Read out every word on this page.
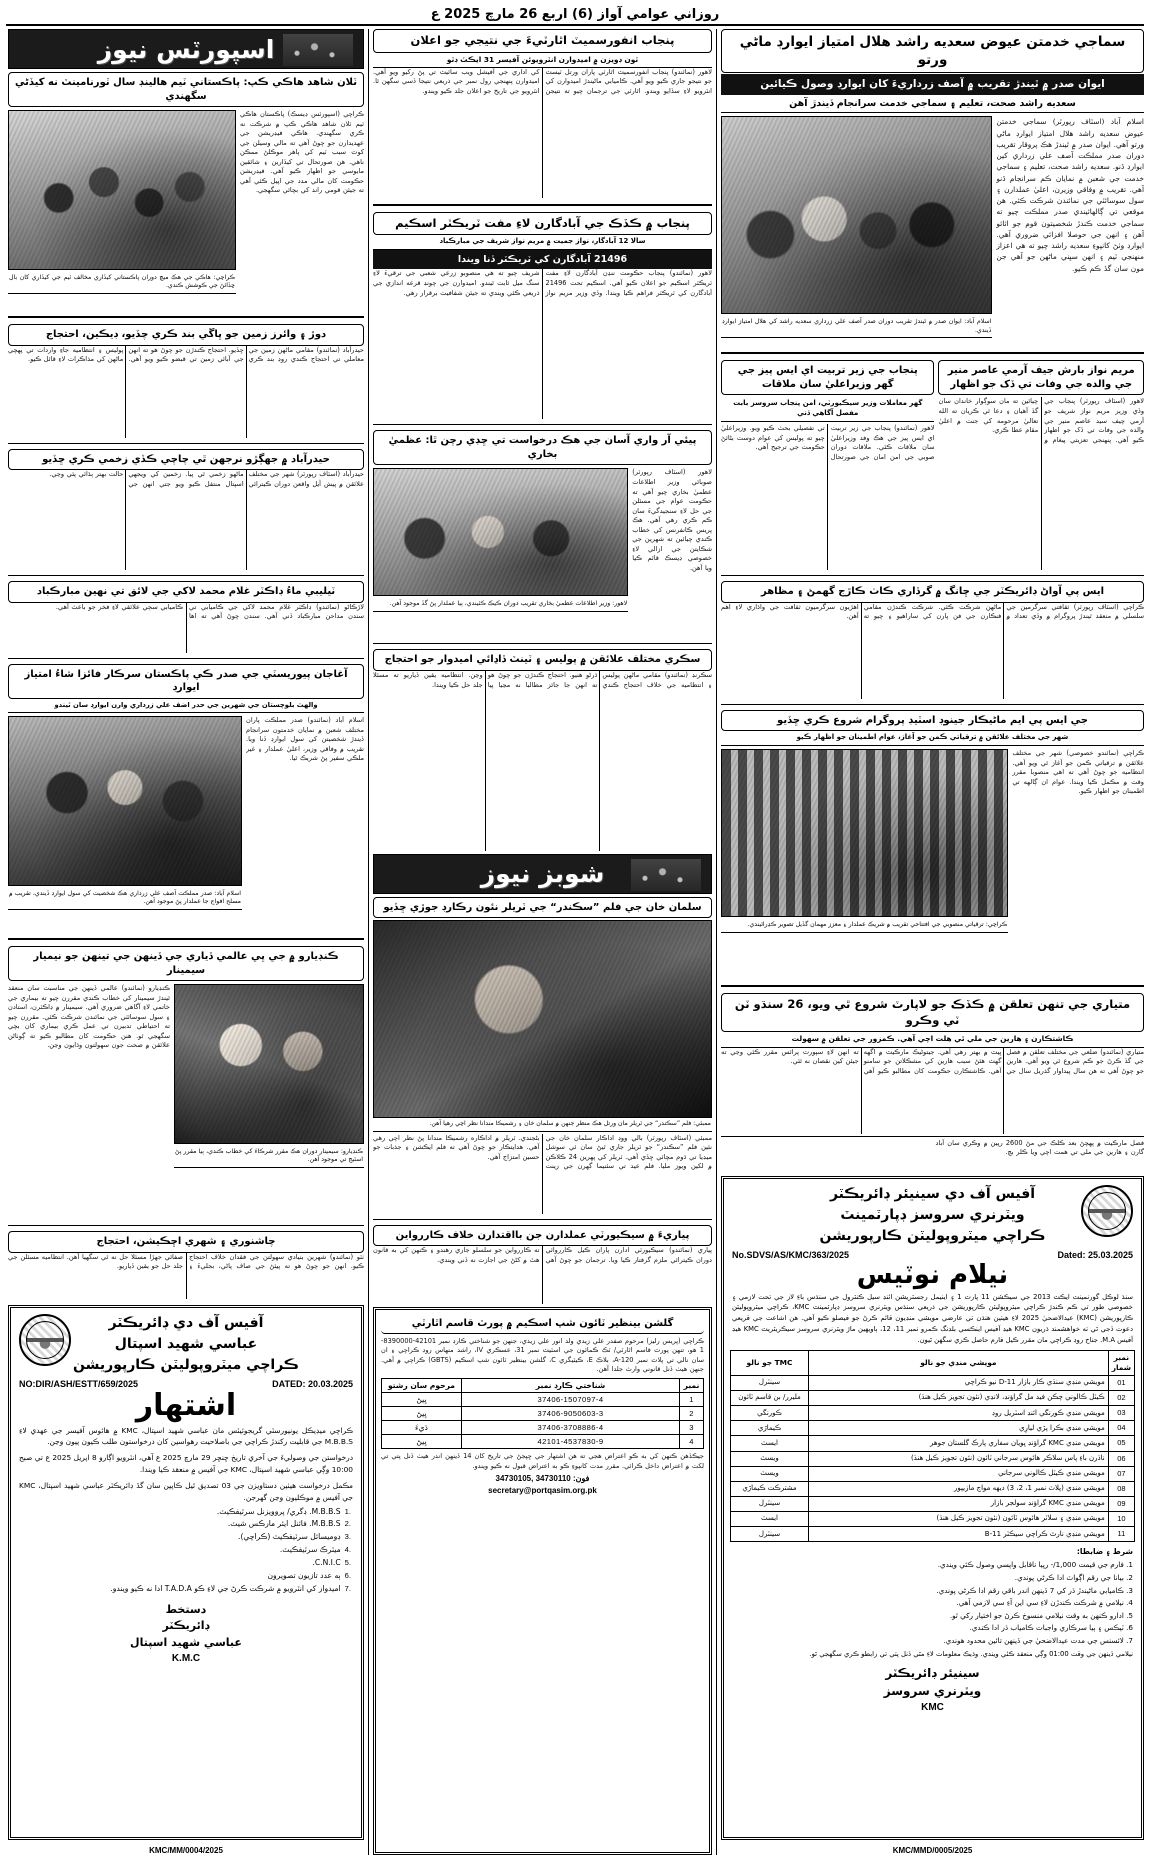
روزاني عوامي آواز (6) اربع 26 مارچ 2025 ع
سماجي خدمتن عيوض سعديه راشد هلال امتياز ايوارڊ ماڻي ورتو
ايوان صدر ۾ ٿيندڙ تقريب ۾ آصف زرداريءَ کان ايوارڊ وصول ڪيائين
سعديه راشد صحت، تعليم ۽ سماجي خدمت سرانجام ڏيندڙ آهن
اسلام آباد (اسٽاف رپورٽر) سماجي خدمتن عيوض سعديه راشد هلال امتياز ايوارڊ ماڻي ورتو آهي. ايوان صدر ۾ ٿيندڙ هڪ پروقار تقريب دوران صدر مملڪت آصف علي زرداري کين ايوارڊ ڏنو. سعديه راشد صحت، تعليم ۽ سماجي خدمت جي شعبن ۾ نمايان ڪم سرانجام ڏنو آهي. تقريب ۾ وفاقي وزيرن، اعليٰ عملدارن ۽ سول سوسائٽي جي نمائندن شرڪت ڪئي. هن موقعي تي ڳالهائيندي صدر مملڪت چيو ته سماجي خدمت ڪندڙ شخصيتون قوم جو اثاثو آهن ۽ انهن جي حوصلا افزائي ضروري آهي. ايوارڊ وٺڻ کانپوءِ سعديه راشد چيو ته هي اعزاز منهنجي ٽيم ۽ انهن سڀني ماڻهن جو آهي جن مون سان گڏ ڪم ڪيو.
اسلام آباد: ايوان صدر ۾ ٿيندڙ تقريب دوران صدر آصف علي زرداري سعديه راشد کي هلال امتياز ايوارڊ ڏيندي.
مريم نواز بارش جيف آرمي عاصر منير جي والده جي وفات تي ڏک جو اظهار
لاهور (اسٽاف رپورٽر) پنجاب جي وڏي وزير مريم نواز شريف جو آرمي چيف سيد عاصم منير جي والده جي وفات تي ڏک جو اظهار ڪيو آهي. پنهنجي تعزيتي پيغام ۾ چيائين ته مان سوڳوار خاندان سان گڏ آهيان ۽ دعا ٿي ڪريان ته الله تعاليٰ مرحومه کي جنت ۾ اعليٰ مقام عطا ڪري.
پنجاب جي زير تربيت اي ايس پيز جي گهر وزيراعليٰ سان ملاقات
گهر معاملات وزير سيڪيورٽي، امن پنجاب سروسز بابت مفصل آگاهي ڏني
لاهور (نمائندو) پنجاب جي زير تربيت اي ايس پيز جي هڪ وفد وزيراعليٰ سان ملاقات ڪئي. ملاقات دوران صوبي جي امن امان جي صورتحال تي تفصيلي بحث ڪيو ويو. وزيراعليٰ چيو ته پوليس کي عوام دوست بڻائڻ حڪومت جي ترجيح آهي.
ايس پي آواڻ ڊائريڪٽر جي ڇانگ ۾ گرڏاري ڪاٺ ڪاڙج گهمڻ ۽ مظاهر
ڪراچي (اسٽاف رپورٽر) ثقافتي سرگرمين جي سلسلي ۾ منعقد ٿيندڙ پروگرام ۾ وڏي تعداد ۾ ماڻهن شرڪت ڪئي. شرڪت ڪندڙن مقامي فنڪارن جي فن پارن کي ساراهيو ۽ چيو ته اهڙيون سرگرميون ثقافت جي واڌاري لاءِ اهم آهن.
جي ايس پي ايم ماڻيڪار جينوڊ اسٽيڊ پروگرام شروع ڪري ڇڏيو
شهر جي مختلف علائقن ۾ ترقياتي ڪمن جو آغاز، عوام اطمينان جو اظهار ڪيو
ڪراچي (نمائندو خصوصي) شهر جي مختلف علائقن ۾ ترقياتي ڪمن جو آغاز ٿي ويو آهي. انتظاميه جو چوڻ آهي ته اهي منصوبا مقرر وقت ۾ مڪمل ڪيا ويندا. عوام ان ڳالهه تي اطمينان جو اظهار ڪيو.
ڪراچي: ترقياتي منصوبي جي افتتاحي تقريب ۾ شريڪ عملدار ۽ معزز مهمان گڏيل تصوير ڪڍرائيندي.
متياري جي تنهن تعلقن ۾ ڪڏڪ جو لاپارٽ شروع ٿي ويو، 26 سنڌو ٽن ٽي وڪرو
ڪاشتڪارن ۽ هارين جي ملي ٿي هلت اچي آهي. ڪمزور جي تعلقن ۾ سهولت
متياري (نمائندو) ضلعي جي مختلف تعلقن ۾ فصل جي گڏ ڪرڻ جو ڪم شروع ٿي ويو آهي. هارين جو چوڻ آهي ته هن سال پيداوار گذريل سال جي ڀيٽ ۾ بهتر رهي آهي. جيتوڻيڪ مارڪيٽ ۾ اگهه گهٽ هئڻ سبب هارين کي مشڪلاتن جو سامنو آهي. ڪاشتڪارن حڪومت کان مطالبو ڪيو آهي ته انهن لاءِ سپورٽ پرائس مقرر ڪئي وڃي ته جيئن کين نقصان نه ٿئي.
فصل مارڪيٽ ۾ پهچڻ بعد ڪلڪ جي مڻ 2600 رپين ۾ وڪري سان آباد گارن ۽ هارين جي ملي تي همت اچي ويا ڪلر بچ.
آفيس آف دي سينيئر ڊائريڪٽر
ويٽرنري سروسز ڊپارٽمينٽ
ڪراچي ميٽروپوليٽن ڪارپوريشن
No.SDVS/AS/KMC/363/2025	Dated: 25.03.2025
نيلام نوٽيس
سنڌ لوڪل گورنمينٽ ايڪٽ 2013 جي سيڪشن 11 پارٽ 1 ۽ اينيمل رجسٽريشن ائنڊ سيل ڪنٽرول جي سنڌس باءِ لاز جي تحت لازمي ۽ خصوصي طور تي ڪم ڪندڙ ڪراچي ميٽروپوليٽن ڪارپوريشن جي ذريعي سنڌس ويٽرنري سروسز ڊپارٽمينٽ KMC، ڪراچي ميٽروپوليٽن ڪارپوريشن (KMC) عيدالاضحيٰ 2025 لاءِ هيٺين هنڌن تي عارضي مويشي منڊيون قائم ڪرڻ جو فيصلو ڪيو آهي. هن اشاعت جي قريعي دعوت ڏجي ٿي ته خواهشمند ڌريون KMC هيڊ آفيس اينڪسي بلڊنگ ڪمرو نمبر 11، 12، ٻاويهين ماڙ ويٽرنري سروسز سيڪريٽريٽ KMC هيڊ آفيس M.A. جناح روڊ ڪراچي مان مقرر ڪيل فارم حاصل ڪري سگهن ٿيون.
نمبر شمار	مويشي منڊي جو نالو	TMC جو نالو
01	مويشي منڊي سنڌي ڪار بازار D-11 نيو ڪراچي	سينٽرل
02	ڪيٽل ڪالوني چڪن فيد مل گراؤنڊ، لانڍي (نئون تجويز ڪيل هنڌ)	مليرر/ بن قاسم ٽائون
03	مويشي منڊي ڪورنگي ائنڊ اسٽريل روڊ	ڪورنگي
04	مويشي منڊي بڪرا پڙي ليارِي	ڪيماڙي
05	مويشي منڊي KMC گراؤنڊ ڀويان سفاري پارڪ گلستان جوهر	ايسٽ
06	ناڌرن باءِ پاس سلاڪر هائوس سرجاني ٽائون (نئون تجويز ڪيل هنڌ)	ويسٽ
07	مويشي منڊي ڪيٽل ڪالوني سرجاني	ويسٽ
08	مويشي منڊي (پلاٽ نمبر 1، 2، 3) ديهه مواج مازيپور	مشترڪت ڪيماڙي
09	مويشي منڊي KMC گراؤنڊ سولجر بازار	سينٽرل
10	مويشي منڊي ۽ سلاٽر هائوس ٽائون (نئون تجويز ڪيل هنڌ)	ايسٽ
11	مويشي منڊي نارٿ ڪراچي سيڪٽر 11-B	سينٽرل
شرط ۽ ضابطا:
1. فارم جي قيمت 1,000/- رپيا ناقابل واپسي وصول ڪئي ويندي.
2. بيانا جي رقم اڳواٽ ادا ڪرڻي پوندي.
3. ڪاميابي ماڻيندڙ ڌر کي 7 ڏينهن اندر باقي رقم ادا ڪرڻي پوندي.
4. نيلامي ۾ شرڪت ڪندڙن لاءِ سي اين آءِ سي لازمي آهي.
5. ادارو ڪنهن به وقت نيلامي منسوخ ڪرڻ جو اختيار رکي ٿو.
6. ٽيڪس ۽ ٻيا سرڪاري واجبات ڪامياب ڌر ادا ڪندي.
7. لائسنس جي مدت عيدالاضحيٰ جي ڏينهن تائين محدود هوندي.
نيلامي ڏينهن جي وقت 01:00 وڳي منعقد ڪئي ويندي. وڌيڪ معلومات لاءِ مٿي ڏنل پتي تي رابطو ڪري سگهجي ٿو.
سينيئر ڊائريڪٽر
ويٽرنري سروسز
KMC
KMC/MMD/0005/2025
پنجاب انفورسميٽ اٿارٽيءَ جي نتيجي جو اعلان
ٽون ڊويزن ۾ اميدوارن انٽرويوئن آفيسر 31 ايڪٽ ڊٽو
لاهور (نمائندو) پنجاب انفورسميٽ اٿارٽي پاران ورتل ٽيسٽ جو نتيجو جاري ڪيو ويو آهي. ڪاميابي ماڻيندڙ اميدوارن کي انٽرويو لاءِ سڏايو ويندو. اٿارٽي جي ترجمان چيو ته نتيجن کي اداري جي آفيشل ويب سائيٽ تي پڻ رکيو ويو آهي. اميدوارن پنهنجي رول نمبر جي ذريعي نتيجا ڏسي سگهن ٿا. انٽرويو جي تاريخ جو اعلان جلد ڪيو ويندو.
پنجاب ۾ ڪڏڪ جي آبادگارن لاءِ مفت ٽريڪٽر اسڪيم
سالا 12 آبادگار، نواز جميت ۾ مريم نواز شريف جي مبارڪباد
21496 آبادگارن کي ٽريڪٽر ڏنا ويندا
لاهور (نمائندو) پنجاب حڪومت ننڍن آبادگارن لاءِ مفت ٽريڪٽر اسڪيم جو اعلان ڪيو آهي. اسڪيم تحت 21496 آبادگارن کي ٽريڪٽر فراهم ڪيا ويندا. وڏي وزير مريم نواز شريف چيو ته هي منصوبو زرعي شعبي جي ترقيءَ لاءِ سنگ ميل ثابت ٿيندو. اميدوارن جي چونڊ قرعه اندازي جي ذريعي ڪئي ويندي ته جيئن شفافيت برقرار رهي.
پيئي آر واري آسان جي هڪ درخواست تي ڇڊي رچن ٿا: عظميٰ بخاري
لاهور (اسٽاف رپورٽر) صوبائي وزير اطلاعات عظميٰ بخاري چيو آهي ته حڪومت عوام جي مسئلن جي حل لاءِ سنجيدگيءَ سان ڪم ڪري رهي آهي. هڪ پريس ڪانفرنس کي خطاب ڪندي چيائين ته شهرين جي شڪايتن جي ازالي لاءِ خصوصي ڊيسڪ قائم ڪيا ويا آهن.
لاهور: وزير اطلاعات عظميٰ بخاري تقريب دوران ڪيڪ ڪٽيندي، ٻيا عملدار پڻ گڏ موجود آهن.
سڪري مختلف علائقن ۾ پوليس ۽ ٽينٽ ڏاڍائي اميدوار جو احتجاج
سڪرنڊ (نمائندو) مقامي ماڻهن پوليس ۽ انتظاميه جي خلاف احتجاج ڪندي ڌرڻو هنيو. احتجاج ڪندڙن جو چوڻ هو ته انهن جا جائز مطالبا نه مڃيا پيا وڃن. انتظاميه يقين ڏياريو ته مسئلا جلد حل ڪيا ويندا.
شوبز نيوز
سلمان خان جي فلم ”سڪندر“ جي ٽريلر نئون رڪارڊ جوڙي ڇڏيو
ممبئي: فلم ”سڪندر“ جي ٽريلر مان ورتل هڪ منظر جنهن ۾ سلمان خان ۽ رشميڪا مندانا نظر اچي رهيا آهن.
ممبئي (اسٽاف رپورٽر) بالي ووڊ اداڪار سلمان خان جي نئين فلم ”سڪندر“ جو ٽريلر جاري ٿيڻ سان ئي سوشل ميڊيا تي ڌوم مچائي ڇڏي آهي. ٽريلر کي پهرين 24 ڪلاڪن ۾ لکين ويوز مليا. فلم عيد تي سئنيما گهرن جي زينت بڻجندي. ٽريلر ۾ اداڪاره رشميڪا مندانا پڻ نظر اچي رهي آهي. هدايتڪار جو چوڻ آهي ته فلم ايڪشن ۽ جذبات جو حسين امتزاج آهي.
پياريءَ ۾ سيڪيورٽي عملدارن جن بااقتدارن خلاف ڪاررواين
پياري (نمائندو) سيڪيورٽي ادارن پاران ڪيل ڪارروائي دوران ڪيترائي ملزم گرفتار ڪيا ويا. ترجمان جو چوڻ آهي ته ڪاررواين جو سلسلو جاري رهندو ۽ ڪنهن کي به قانون هٿ ۾ کڻڻ جي اجازت نه ڏني ويندي.
گلشن بينظير ٽائون شپ اسڪيم ۾ پورٽ قاسم اٿارٽي
ڪراچي (پريس رليز) مرحوم صفدر علي زيدي ولد انور علي زيدي، جنهن جو شناختي ڪارڊ نمبر 42101-8390000-1 هو، تنهن پورٽ قاسم اٿارٽي/ ٽڪ ڪمائون جي اسٽيٽ نمبر 31، عسڪري IV، راشد منهاس روڊ ڪراچي ۽ ان سان نالي تي پلاٽ نمبر A-120، بلاڪ E، ڪيٽيگري C، گلشن بينظير ٽائون شپ اسڪيم (GBTS) ڪراچي ۾ آهي. جنهن هيٺ ڏنل قانوني وارث جلدا آهن.
نمبر	شناختي ڪارڊ نمبر	مرحوم سان رشتو
1	37406-1507097-4	ڀيڻ
2	37406-9050603-3	ڀيڻ
3	37406-3708886-4	ڌيءَ
4	42101-4537830-9	ڀيڻ
جيڪڏهن ڪنهن کي به ڪو اعتراض هجي ته هن اشتهار جي ڇپجڻ جي تاريخ کان 14 ڏينهن اندر هيٺ ڏنل پتي تي لکت ۾ اعتراض داخل ڪرائي. مقرر مدت کانپوءِ ڪو به اعتراض قبول نه ڪيو ويندو.
34730105, 34730110 :فون
secretary@portqasim.org.pk
اسپورٽس نيوز
ٽلان شاهد هاڪي ڪپ: پاڪستاني ٽيم هالينڊ سال ٽورنامينٽ نه کيڏڻي سگهندي
ڪراچي (اسپورٽس ڊيسڪ) پاڪستان هاڪي ٽيم ٽلان شاهد هاڪي ڪپ ۾ شرڪت نه ڪري سگهندي. هاڪي فيڊريشن جي عهديدارن جو چوڻ آهي ته مالي وسيلن جي کوٽ سبب ٽيم کي ٻاهر موڪلڻ ممڪن ناهي. هن صورتحال تي کيڏارين ۽ شائقين مايوسي جو اظهار ڪيو آهي. فيڊريشن حڪومت کان مالي مدد جي اپيل ڪئي آهي ته جيئن قومي راند کي بچائي سگهجي.
ڪراچي: هاڪي جي هڪ ميچ دوران پاڪستاني کيڏاري مخالف ٽيم جي کيڏاري کان بال ڇڏائڻ جي ڪوشش ڪندي.
دوڙ ۽ وائرز زمين جو ڀاڱي بند ڪري چڏيو، ڊيڪين، احتجاج
حيدرآباد (نمائندو) مقامي ماڻهن زمين جي معاملي تي احتجاج ڪندي روڊ بند ڪري ڇڏيو. احتجاج ڪندڙن جو چوڻ هو ته انهن جي آبائي زمين تي قبضو ڪيو ويو آهي. پوليس ۽ انتظاميه جاءِ واردات تي پهچي ماڻهن کي مذاڪرات لاءِ قائل ڪيو.
حيدرآباد ۾ جهڳڙو نرجهن ٿي چاچي ڪڏي زخمي ڪري ڇڏيو
حيدرآباد (اسٽاف رپورٽر) شهر جي مختلف علائقن ۾ پيش آيل واقعن دوران ڪيترائي ماڻهو زخمي ٿي پيا. زخمين کي ويجهي اسپتال منتقل ڪيو ويو جتي انهن جي حالت بهتر ٻڌائي پئي وڃي.
ٽيليبي ماءُ ڊاڪٽر غلام محمد لاکي جي لائق تي نهين مبارڪباد
لاڙڪاڻو (نمائندو) ڊاڪٽر غلام محمد لاکي جي ڪاميابي تي سندن مداحن مبارڪباد ڏني آهي. سندن چوڻ آهي ته اها ڪاميابي سڄي علائقي لاءِ فخر جو باعث آهي.
آغاجان پيوريسٽي جي صدر ڪي پاڪستان سرڪار فائزا شاءُ امتياز ايوارڊ
والهٽ بلوچستان جي شهرين جي حدر اضف علي زرداري وارن ايوارڊ سان ٿيندو
اسلام آباد (نمائندو) صدر مملڪت پاران مختلف شعبن ۾ نمايان خدمتون سرانجام ڏيندڙ شخصيتن کي سول ايوارڊ ڏنا ويا. تقريب ۾ وفاقي وزير، اعليٰ عملدار ۽ غير ملڪي سفير پڻ شريڪ ٿيا.
اسلام آباد: صدر مملڪت آصف علي زرداري هڪ شخصيت کي سول ايوارڊ ڏيندي، تقريب ۾ مسلح افواج جا عملدار پڻ موجود آهن.
ڪنڊيارو ۾ جي ڀي عالمي ڏياري جي ڏينهن جي تينهن جو نيميار سيمينار
ڪنڊيارو: سيمينار دوران هڪ مقرر شرڪاءَ کي خطاب ڪندي، ٻيا مقرر پڻ اسٽيج تي موجود آهن.
ڪنڊيارو (نمائندو) عالمي ڏينهن جي مناسبت سان منعقد ٿيندڙ سيمينار کي خطاب ڪندي مقررن چيو ته بيماري جي خاتمي لاءِ آگاهي ضروري آهي. سيمينار ۾ ڊاڪٽرن، استادن ۽ سول سوسائٽي جي نمائندن شرڪت ڪئي. مقررن چيو ته احتياطي تدبيرن تي عمل ڪري بيماري کان بچي سگهجي ٿو. هنن حڪومت کان مطالبو ڪيو ته ڳوٺاڻن علائقن ۾ صحت جون سهولتون وڌايون وڃن.
چاشنوري ۽ شهري اڇڪيشن، احتجاج
ٺٽو (نمائندو) شهرين بنيادي سهولتن جي فقدان خلاف احتجاج ڪيو. انهن جو چوڻ هو ته پيئڻ جي صاف پاڻي، بجليءَ ۽ صفائي جهڙا مسئلا حل نه ٿي سگهيا آهن. انتظاميه مسئلن جي جلد حل جو يقين ڏياريو.
آفيس آف دي ڊائريڪٽر
عباسي شهيد اسپتال
ڪراچي ميٽروپوليٽن ڪارپوريشن
NO:DIR/ASH/ESTT/659/2025	DATED: 20.03.2025
اشتهار
ڪراچي ميڊيڪل يونيورسٽي گريجوئيٽس مان عباسي شهيد اسپتال، KMC ۾ هائوس آفيسر جي عهدي لاءِ M.B.B.S جي قابليت رکندڙ ڪراچي جي باصلاحيت رهواسين کان درخواستون طلب ڪيون پيون وڃن.
درخواستن جي وصوليءَ جي آخري تاريخ ڇنڇر 29 مارچ 2025 ع آهي، انٽرويو اڳارو 8 اپريل 2025 ع تي صبح 10:00 وڳي عباسي شهيد اسپتال، KMC جي آفيس ۾ منعقد ڪيا ويندا.
مڪمل درخواست هيٺين دستاويزن جي 03 تصديق ٿيل ڪاپين سان گڏ ڊائريڪٽر عباسي شهيد اسپتال، KMC جي آفيس ۾ موڪليون وڃن گهرجن.
.1
M.B.B.S. ڊگري/ پروويزنل سرٽيفڪيٽ.
.2
M.B.B.S. فائنل ايئر مارڪس شيٽ.
.3
ڊوميسائل سرٽيفڪيٽ (ڪراچي).
.4
ميٽرڪ سرٽيفڪيٽ.
.5
C.N.I.C.
.6
ٻه عدد تازيون تصويرون
.7
اميدوار کي انٽرويو ۾ شرڪت ڪرڻ جي لاءِ ڪو T.A.D.A ادا نه ڪيو ويندو.
دستخط
ڊائريڪٽر
عباسي شهيد اسپتال
K.M.C
KMC/MM/0004/2025
